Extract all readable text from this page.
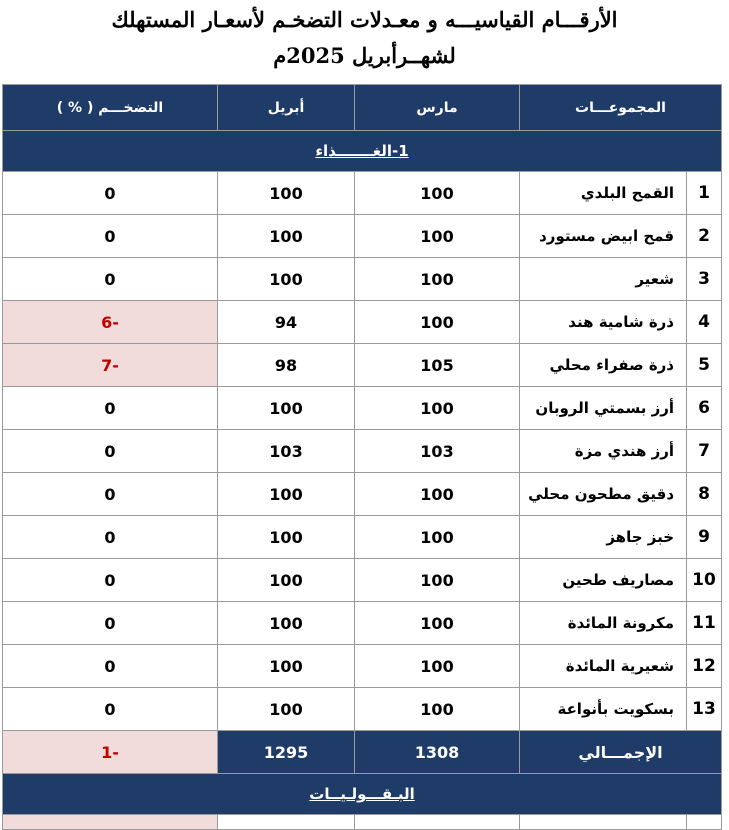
الأرقـــام القياسيـــه و معـدلات التضخـم لأسعـار المستهلك
لشهــرأبريل 2025م
المجموعـــات		مارس	أبريل	التضخـــم ( % )
1-الغـــــــذاء				
1	القمح البلدي	100	100	0
2	قمح ابيض مستورد	100	100	0
3	شعير	100	100	0
4	ذرة شامية هند	100	94	-6
5	ذرة صفراء محلي	105	98	-7
6	أرز بسمتي الروبان	100	100	0
7	أرز هندي مزة	103	103	0
8	دقيق مطحون محلي	100	100	0
9	خبز جاهز	100	100	0
10	مصاريف طحين	100	100	0
11	مكرونة المائدة	100	100	0
12	شعيرية المائدة	100	100	0
13	بسكويت بأنواعة	100	100	0
الإجمـــالي		1308	1295	-1
البـقـــولـيــات				
